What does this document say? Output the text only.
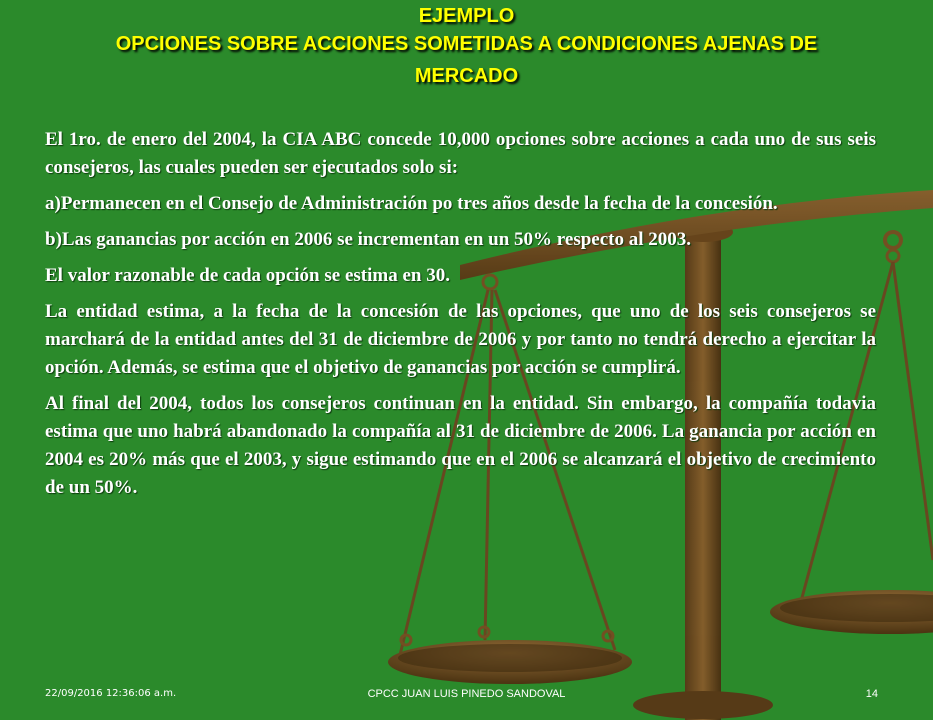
EJEMPLO
OPCIONES SOBRE ACCIONES SOMETIDAS A CONDICIONES AJENAS DE
MERCADO

El 1ro. de enero del 2004, la CIA ABC concede 10,000 opciones sobre acciones a cada uno de sus seis consejeros, las cuales pueden ser ejecutados solo si:

a)Permanecen en el Consejo de Administración po tres años desde la fecha de la concesión.

b)Las ganancias por acción en 2006 se incrementan en un 50% respecto al 2003.

El valor razonable de cada opción se estima en 30.

La entidad estima, a la fecha de la concesión de las opciones, que uno de los seis consejeros se marchará de la entidad antes del 31 de diciembre de 2006 y por tanto no tendrá derecho a ejercitar la opción. Además, se estima que el objetivo de ganancias por acción se cumplirá.

Al final del 2004, todos los consejeros continuan en la entidad. Sin embargo, la compañía todavia estima que uno habrá abandonado la compañía al 31 de diciembre de 2006. La ganancia por acción en 2004 es 20% más que el 2003, y sigue estimando que en el 2006 se alcanzará el objetivo de crecimiento de un 50%.

22/09/2016 12:36:06 a.m.	CPCC JUAN LUIS PINEDO SANDOVAL	14
